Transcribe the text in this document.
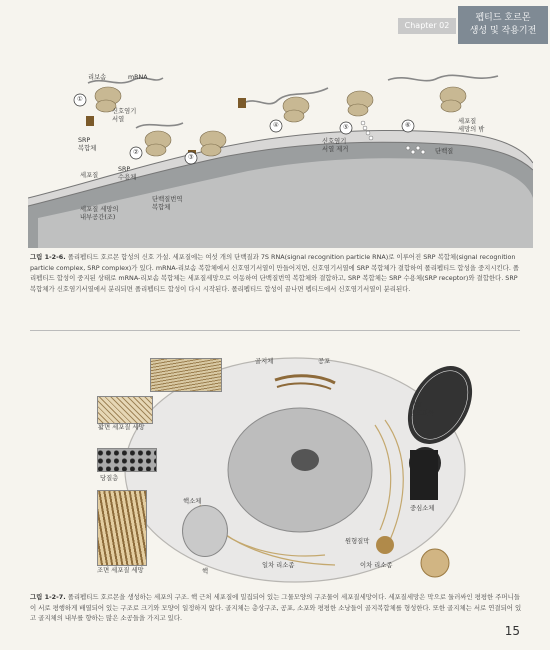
Chapter 02
펩티드 호르몬
생성 및 작용기전
①
②
③
④	⑤	⑥
리보솜	mRNA
신호염기
서열
SRP
복합체
SRP
수용체
세포질
세포질 세망의
내부공간(조)
단백질번역
복합체
신호염기
서열 제거	단백질
세포질
세망의 밖
그림 1-2-6. 폴리펩티드 호르몬 합성의 신호 가설. 세포질에는 여섯 개의 단백질과 7S RNA(signal recognition particle RNA)로 이루어진 SRP 복합체(signal recognition particle complex, SRP complex)가 있다. mRNA-리보솜 복합체에서 신호염기서열이 만들어지면, 신호염기서열에 SRP 복합체가 결합하여 폴리펩티드 합성을 중지시킨다. 폴리펩티드 합성이 중지된 상태로 mRNA-리보솜 복합체는 세포질세망으로 이동하여 단백질번역 복합체와 결합하고, SRP 복합체는 SRP 수용체(SRP receptor)와 결합한다. SRP 복합체가 신호염기서열에서 분리되면 폴리펩티드 합성이 다시 시작된다. 폴리펩티드 합성이 끝나면 펩티드에서 신호염기서열이 분리된다.
골지체	공포
미토
콘드리아
활면 세포질 세망
당질층
중심소체
핵소체
조면 세포질 세망	핵
원형질막
일차 리소좀	이차 리소좀
그림 1-2-7. 폴리펩티드 호르몬을 생성하는 세포의 구조. 핵 근처 세포질에 밀집되어 있는 그물모양의 구조물이 세포질세망이다. 세포질세망은 막으로 둘러싸인 평평한 주머니들이 서로 평행하게 배열되어 있는 구조로 크기와 모양이 일정하지 않다. 골지체는 층상구조, 공포, 소포와 평평한 소낭들이 골지복합체를 형성한다. 또한 골지체는 서로 연결되어 있고 골지체의 내부를 향하는 많은 소공들을 가지고 있다.
15
